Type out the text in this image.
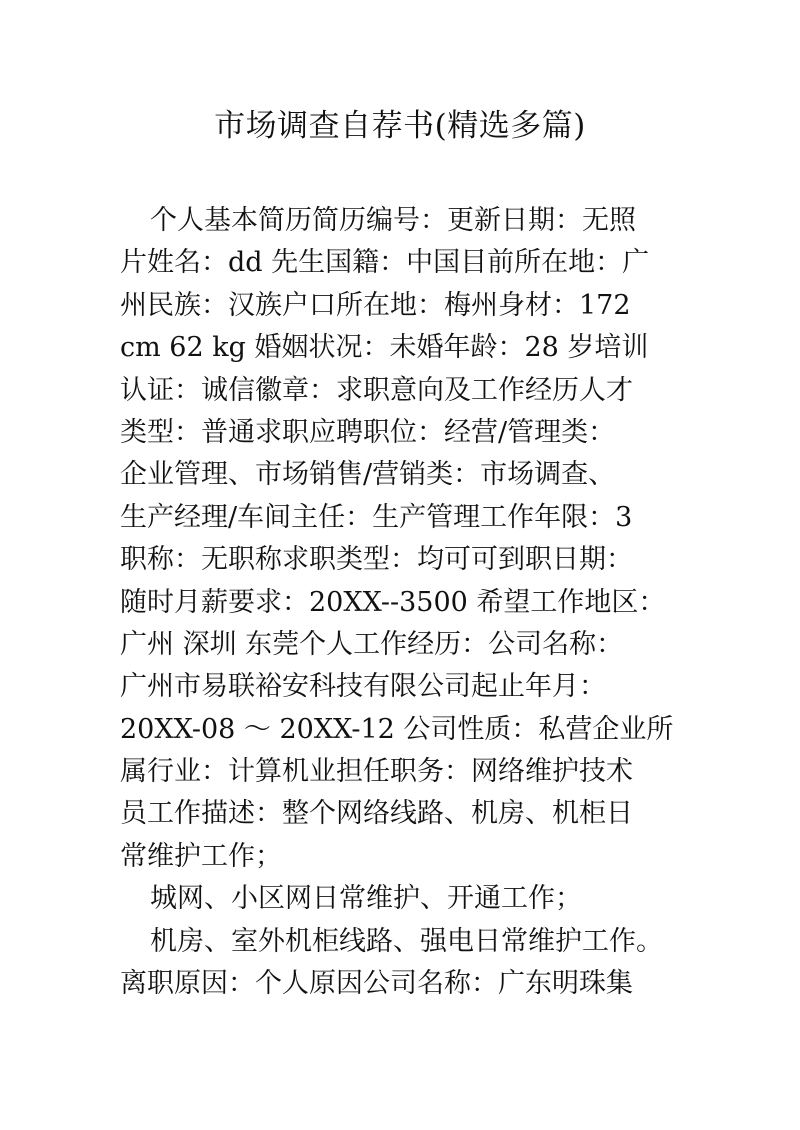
市场调查自荐书(精选多篇)
个人基本简历简历编号：更新日期：无照
片姓名：dd 先生国籍：中国目前所在地：广
州民族：汉族户口所在地：梅州身材：172
cm 62 kg 婚姻状况：未婚年龄：28 岁培训
认证：诚信徽章：求职意向及工作经历人才
类型：普通求职应聘职位：经营/管理类：
企业管理、市场销售/营销类：市场调查、
生产经理/车间主任：生产管理工作年限：3
职称：无职称求职类型：均可可到职日期：
随时月薪要求：20XX--3500 希望工作地区：
广州 深圳 东莞个人工作经历：公司名称：
广州市易联裕安科技有限公司起止年月：
20XX-08 ～ 20XX-12 公司性质：私营企业所
属行业：计算机业担任职务：网络维护技术
员工作描述：整个网络线路、机房、机柜日
常维护工作；
城网、小区网日常维护、开通工作；
机房、室外机柜线路、强电日常维护工作。
离职原因：个人原因公司名称：广东明珠集
